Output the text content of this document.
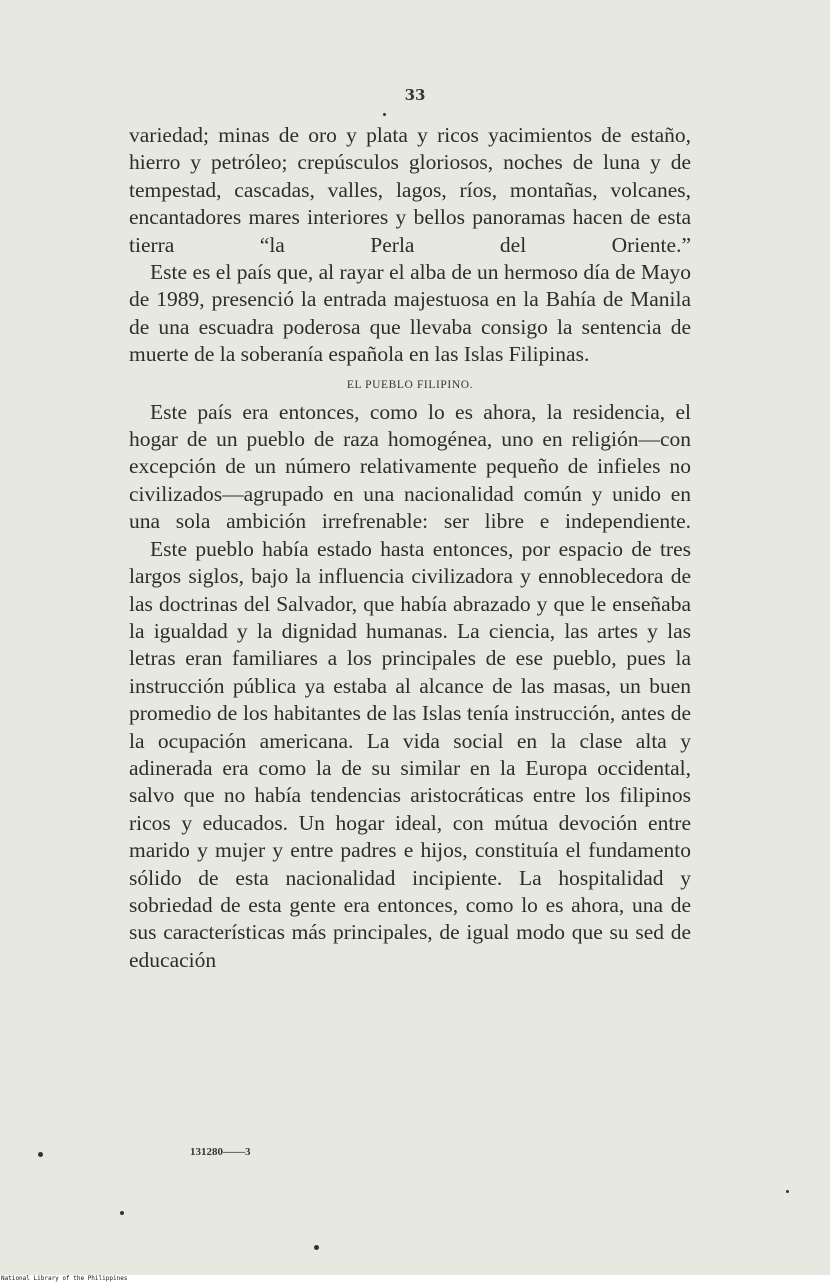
33

variedad; minas de oro y plata y ricos yacimientos de estaño, hierro y petróleo; crepúsculos gloriosos, noches de luna y de tempestad, cascadas, valles, lagos, ríos, montañas, volcanes, encantadores mares interiores y bellos panoramas hacen de esta tierra “la Perla del Oriente.”

Este es el país que, al rayar el alba de un hermoso día de Mayo de 1989, presenció la entrada majestuosa en la Bahía de Manila de una escuadra poderosa que llevaba consigo la sentencia de muerte de la soberanía española en las Islas Filipinas.

EL PUEBLO FILIPINO.

Este país era entonces, como lo es ahora, la residencia, el hogar de un pueblo de raza homogénea, uno en religión—con excepción de un número relativamente pequeño de infieles no civilizados—agrupado en una nacionalidad común y unido en una sola ambición irrefrenable: ser libre e independiente.

Este pueblo había estado hasta entonces, por espacio de tres largos siglos, bajo la influencia civilizadora y ennoblecedora de las doctrinas del Salvador, que había abrazado y que le enseñaba la igualdad y la dignidad humanas. La ciencia, las artes y las letras eran familiares a los principales de ese pueblo, pues la instrucción pública ya estaba al alcance de las masas, un buen promedio de los habitantes de las Islas tenía instrucción, antes de la ocupación americana. La vida social en la clase alta y adinerada era como la de su similar en la Europa occidental, salvo que no había tendencias aristocráticas entre los filipinos ricos y educados. Un hogar ideal, con mútua devoción entre marido y mujer y entre padres e hijos, constituía el fundamento sólido de esta nacionalidad incipiente. La hospitalidad y sobriedad de esta gente era entonces, como lo es ahora, una de sus características más principales, de igual modo que su sed de educación

131280——3
National Library of the Philippines
